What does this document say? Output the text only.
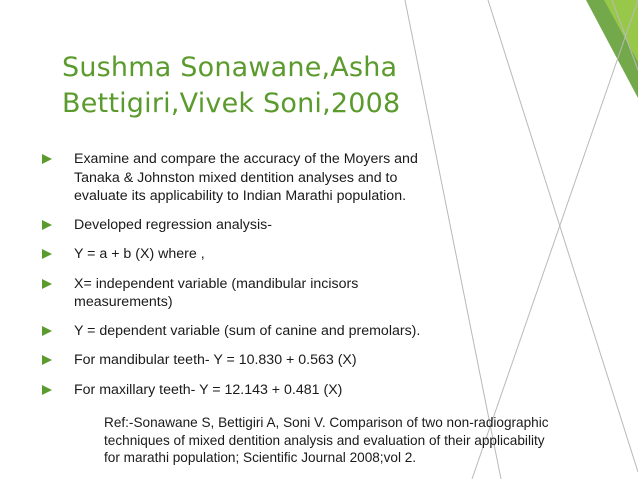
Sushma Sonawane,Asha
Bettigiri,Vivek Soni,2008
Examine and compare the accuracy of the Moyers and
Tanaka & Johnston mixed dentition analyses and to
evaluate its applicability to Indian Marathi population.
Developed regression analysis-
Y = a + b (X) where ,
X= independent variable (mandibular incisors
measurements)
Y = dependent variable (sum of canine and premolars).
For mandibular teeth- Y = 10.830 + 0.563 (X)
For maxillary teeth- Y = 12.143 + 0.481 (X)
Ref:-Sonawane S, Bettigiri A, Soni V. Comparison of two non-radiographic
techniques of mixed dentition analysis and evaluation of their applicability
for marathi population; Scientific Journal 2008;vol 2.
